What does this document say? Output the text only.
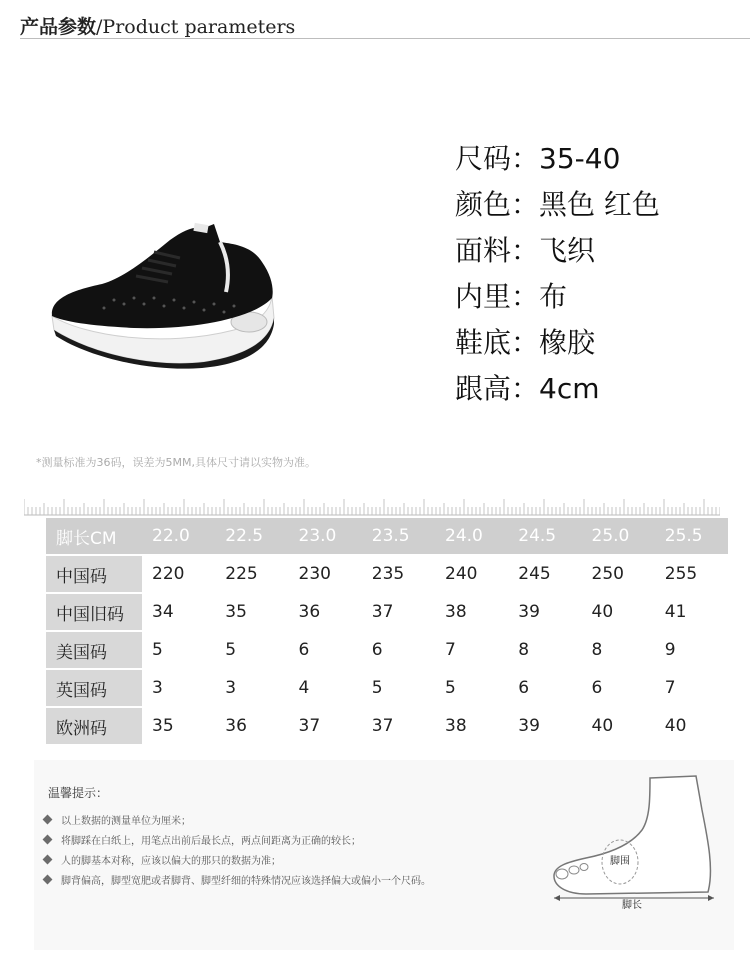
产品参数/Product parameters
尺码：35-40
颜色：黑色 红色
面料：飞织
内里：布
鞋底：橡胶
跟高：4cm
*测量标准为36码，误差为5MM,具体尺寸请以实物为准。
脚长CM	22.0	22.5	23.0	23.5	24.0	24.5	25.0	25.5
中国码	220	225	230	235	240	245	250	255
中国旧码	34	35	36	37	38	39	40	41
美国码	5	5	6	6	7	8	8	9
英国码	3	3	4	5	5	6	6	7
欧洲码	35	36	37	37	38	39	40	40
温馨提示：
以上数据的测量单位为厘米；
将脚踩在白纸上，用笔点出前后最长点，两点间距离为正确的较长；
人的脚基本对称，应该以偏大的那只的数据为准；
脚背偏高，脚型宽肥或者脚背、脚型纤细的特殊情况应该选择偏大或偏小一个尺码。
脚围
脚长
